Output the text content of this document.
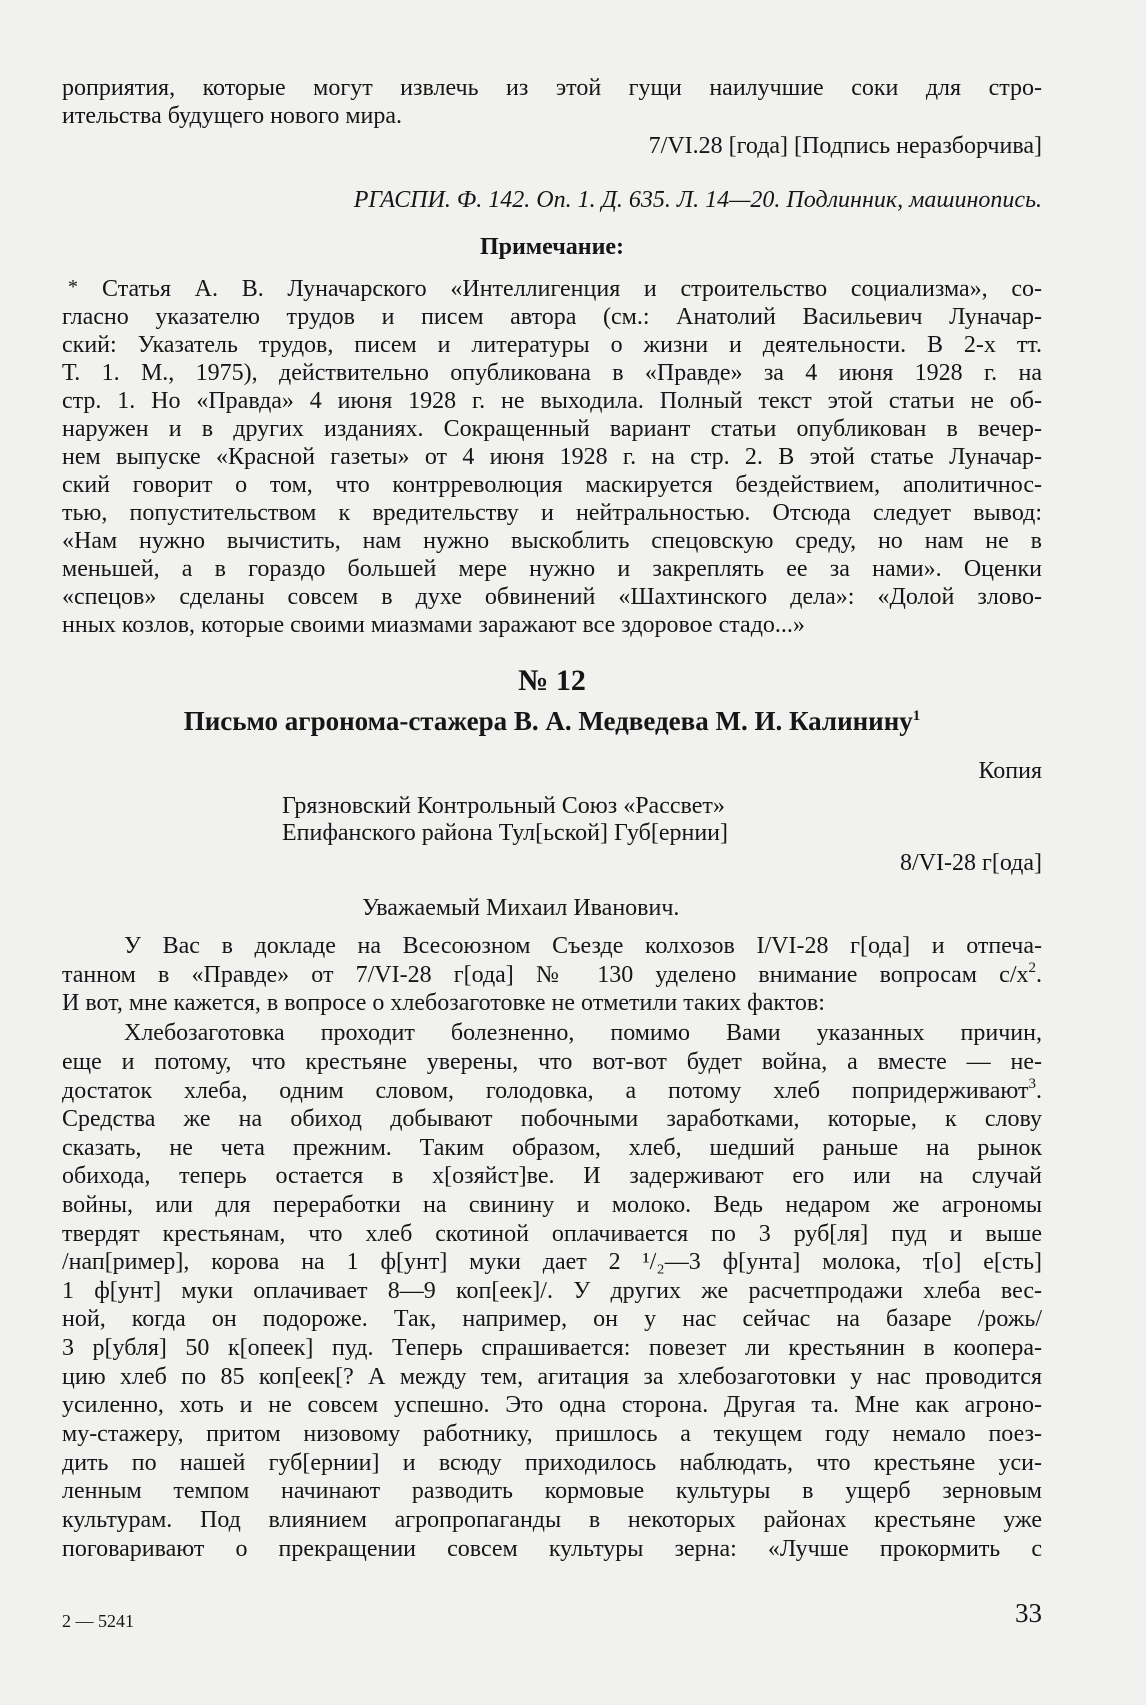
роприятия, которые могут извлечь из этой гущи наилучшие соки для стро-
ительства будущего нового мира.
7/VI.28 [года] [Подпись неразборчива]
РГАСПИ. Ф. 142. Оп. 1. Д. 635. Л. 14—20. Подлинник, машинопись.
Примечание:
* Статья А. В. Луначарского «Интеллигенция и строительство социализма», со-
гласно указателю трудов и писем автора (см.: Анатолий Васильевич Луначар-
ский: Указатель трудов, писем и литературы о жизни и деятельности. В 2-х тт.
Т. 1. М., 1975), действительно опубликована в «Правде» за 4 июня 1928 г. на
стр. 1. Но «Правда» 4 июня 1928 г. не выходила. Полный текст этой статьи не об-
наружен и в других изданиях. Сокращенный вариант статьи опубликован в вечер-
нем выпуске «Красной газеты» от 4 июня 1928 г. на стр. 2. В этой статье Луначар-
ский говорит о том, что контрреволюция маскируется бездействием, аполитичнос-
тью, попустительством к вредительству и нейтральностью. Отсюда следует вывод:
«Нам нужно вычистить, нам нужно выскоблить спецовскую среду, но нам не в
меньшей, а в гораздо большей мере нужно и закреплять ее за нами». Оценки
«спецов» сделаны совсем в духе обвинений «Шахтинского дела»: «Долой злово-
нных козлов, которые своими миазмами заражают все здоровое стадо...»
№ 12
Письмо агронома-стажера В. А. Медведева М. И. Калинину$^1$
Копия
Грязновский Контрольный Союз «Рассвет»
Епифанского района Тул[ьской] Губ[ернии]
8/VI-28 г[ода]
Уважаемый Михаил Иванович.
У Вас в докладе на Всесоюзном Съезде колхозов I/VI-28 г[ода] и отпеча-
танном в «Правде» от 7/VI-28 г[ода] № 130 уделено внимание вопросам $с/х^2$.
И вот, мне кажется, в вопросе о хлебозаготовке не отметили таких фактов:
Хлебозаготовка проходит болезненно, помимо Вами указанных причин,
еще и потому, что крестьяне уверены, что вот-вот будет война, а вместе — не-
достаток хлеба, одним словом, голодовка, а потому хлеб попридерживают$^3$.
Средства же на обиход добывают побочными заработками, которые, к слову
сказать, не чета прежним. Таким образом, хлеб, шедший раньше на рынок
обихода, теперь остается в х[озяйст]ве. И задерживают его или на случай
войны, или для переработки на свинину и молоко. Ведь недаром же агрономы
твердят крестьянам, что хлеб скотиной оплачивается по 3 руб[ля] пуд и выше
/нап[ример], корова на 1 ф[унт] муки дает 2 ¹/₂—3 ф[унта] молока, т[о] е[сть]
1 ф[унт] муки оплачивает 8—9 коп[еек]/. У других же расчетпродажи хлеба вес-
ной, когда он подорожe. Так, например, он у нас сейчас на базаре /рожь/
3 р[убля] 50 к[опеек] пуд. Теперь спрашивается: повезет ли крестьянин в коопера-
цию хлеб по 85 коп[еек[? А между тем, агитация за хлебозаготовки у нас проводится
усиленно, хоть и не совсем успешно. Это одна сторона. Другая та. Мне как агроно-
му-стажеру, притом низовому работнику, пришлось а текущем году немало поез-
дить по нашей губ[ернии] и всюду приходилось наблюдать, что крестьяне уси-
ленным темпом начинают разводить кормовые культуры в ущерб зерновым
культурам. Под влиянием агропропаганды в некоторых районах крестьяне уже
поговаривают о прекращении совсем культуры зерна: «Лучше прокормить с
2 — 5241	33
